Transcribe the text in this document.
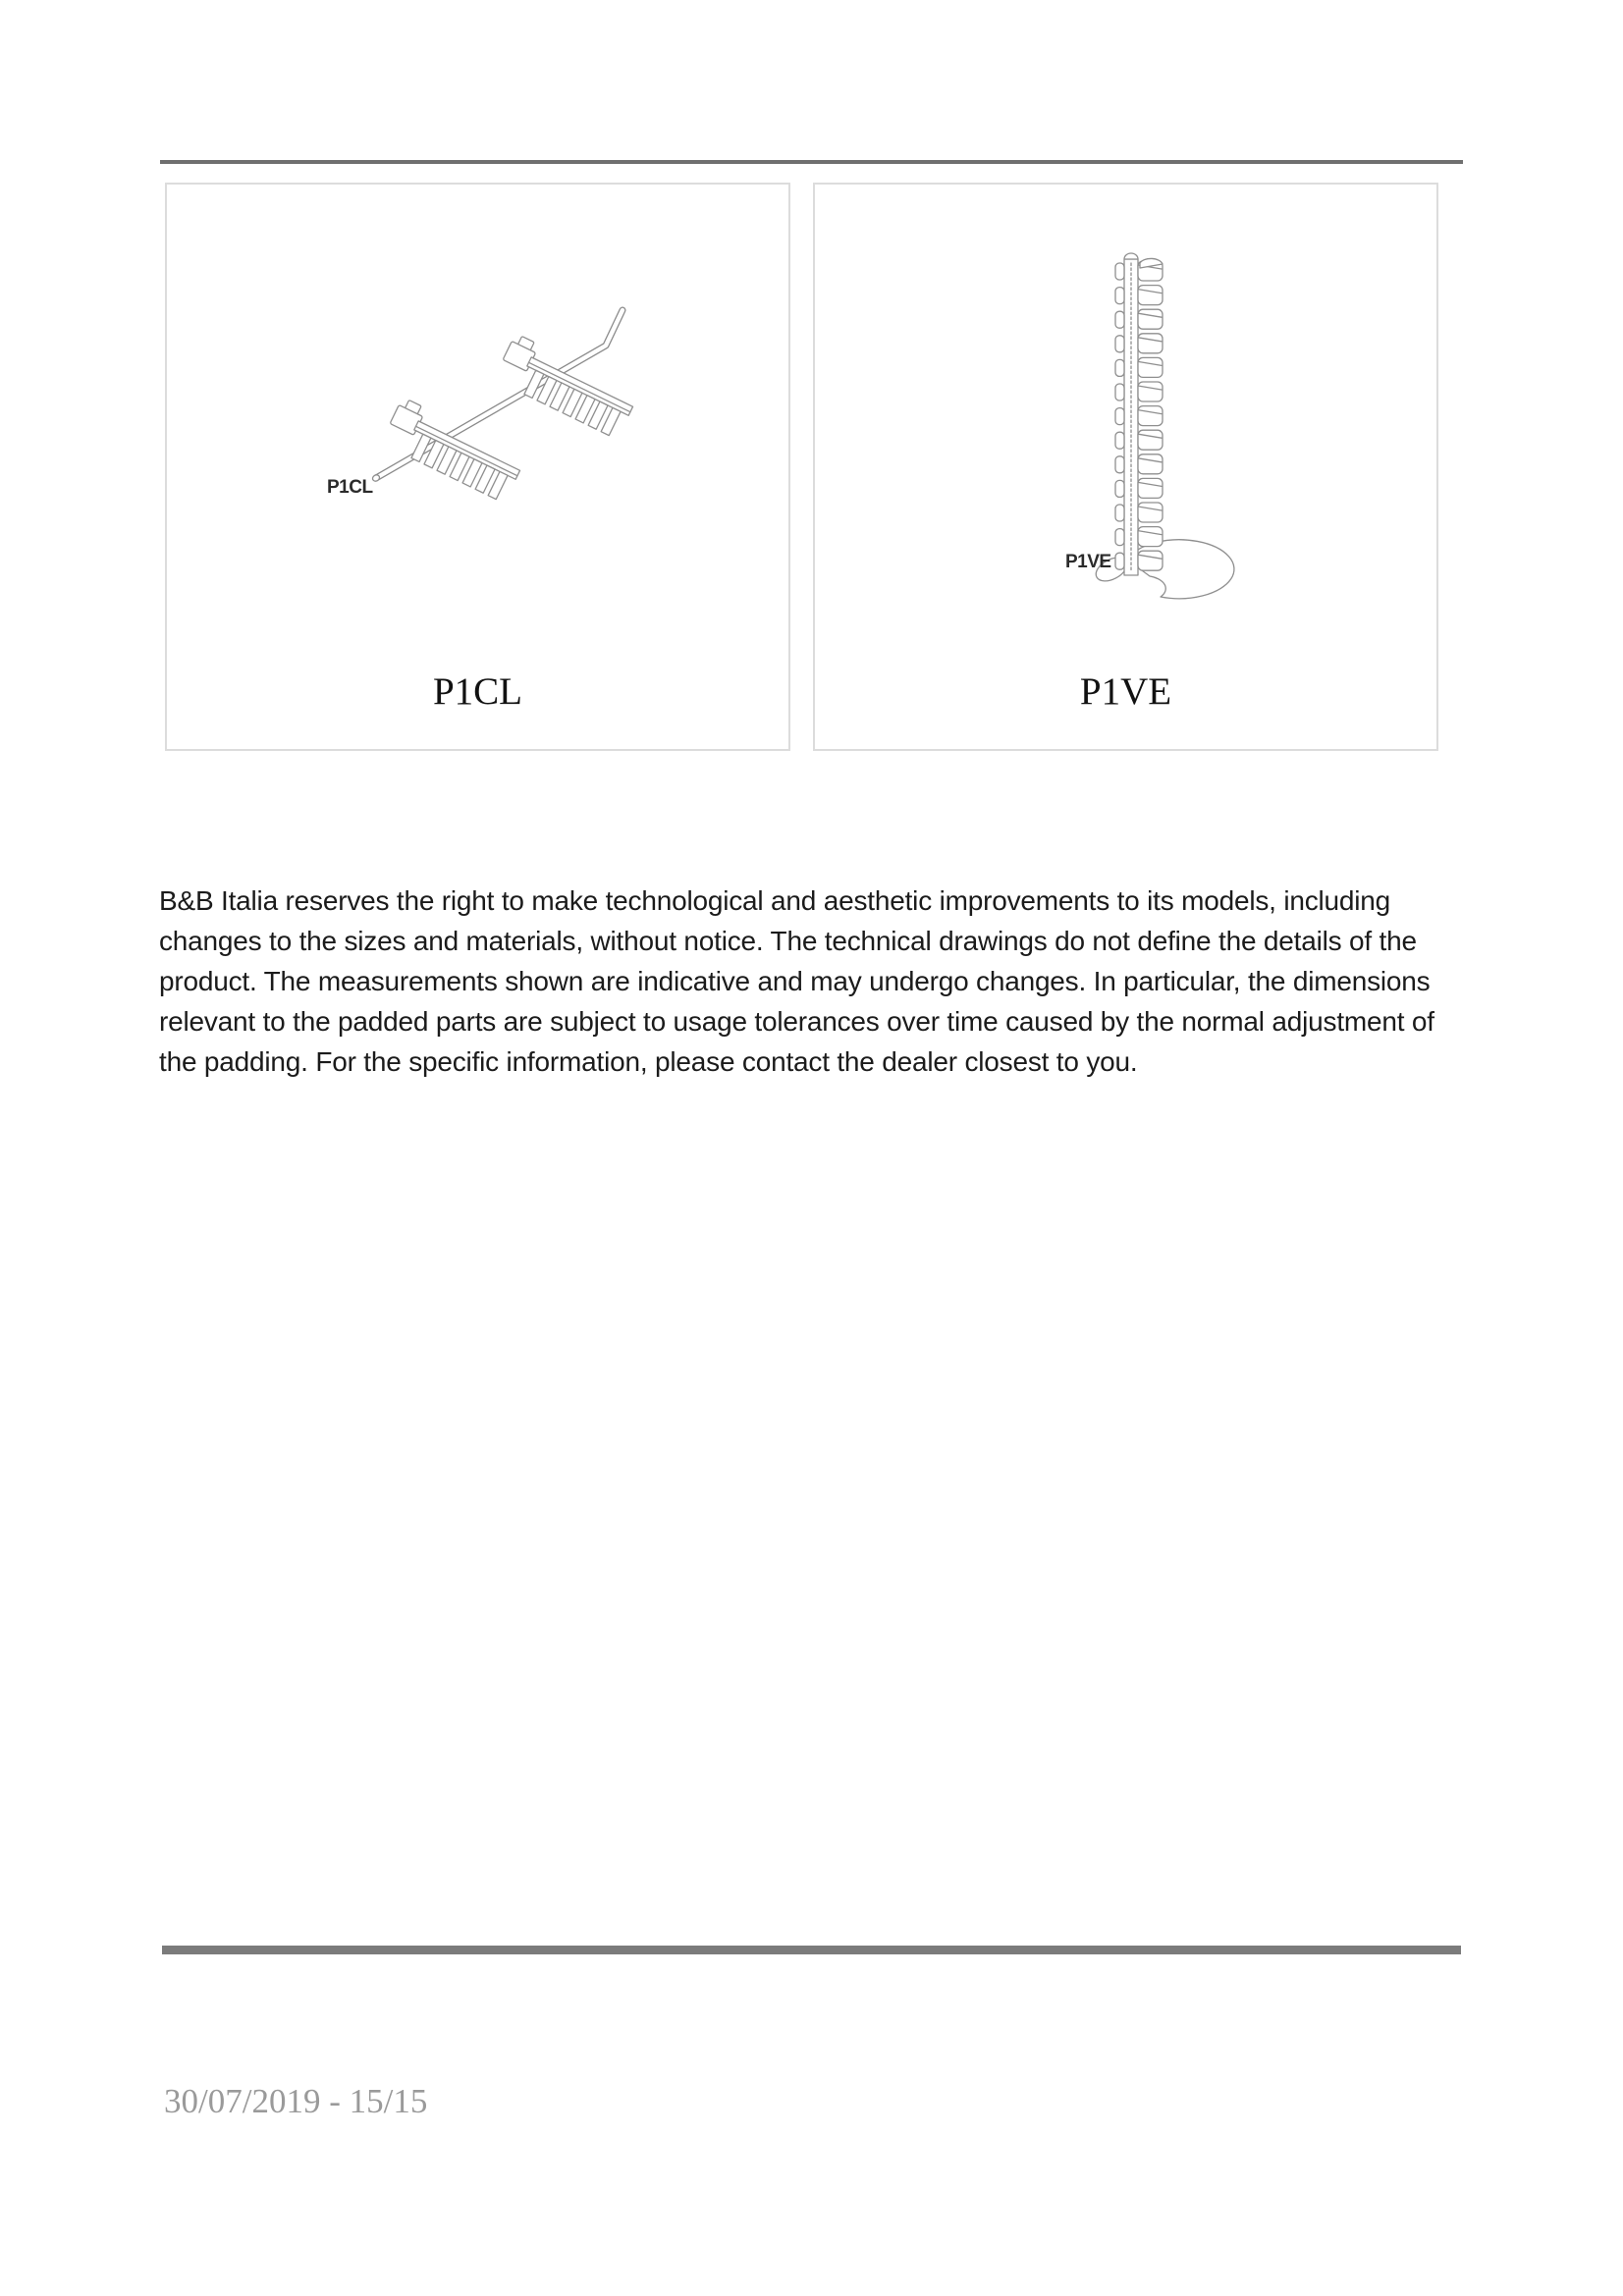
P1CL
P1CL
P1VE
P1VE
B&B Italia reserves the right to make technological and aesthetic improvements to its models, including
changes to the sizes and materials, without notice. The technical drawings do not define the details of the
product. The measurements shown are indicative and may undergo changes. In particular, the dimensions
relevant to the padded parts are subject to usage tolerances over time caused by the normal adjustment of
the padding. For the specific information, please contact the dealer closest to you.
30/07/2019 - 15/15
